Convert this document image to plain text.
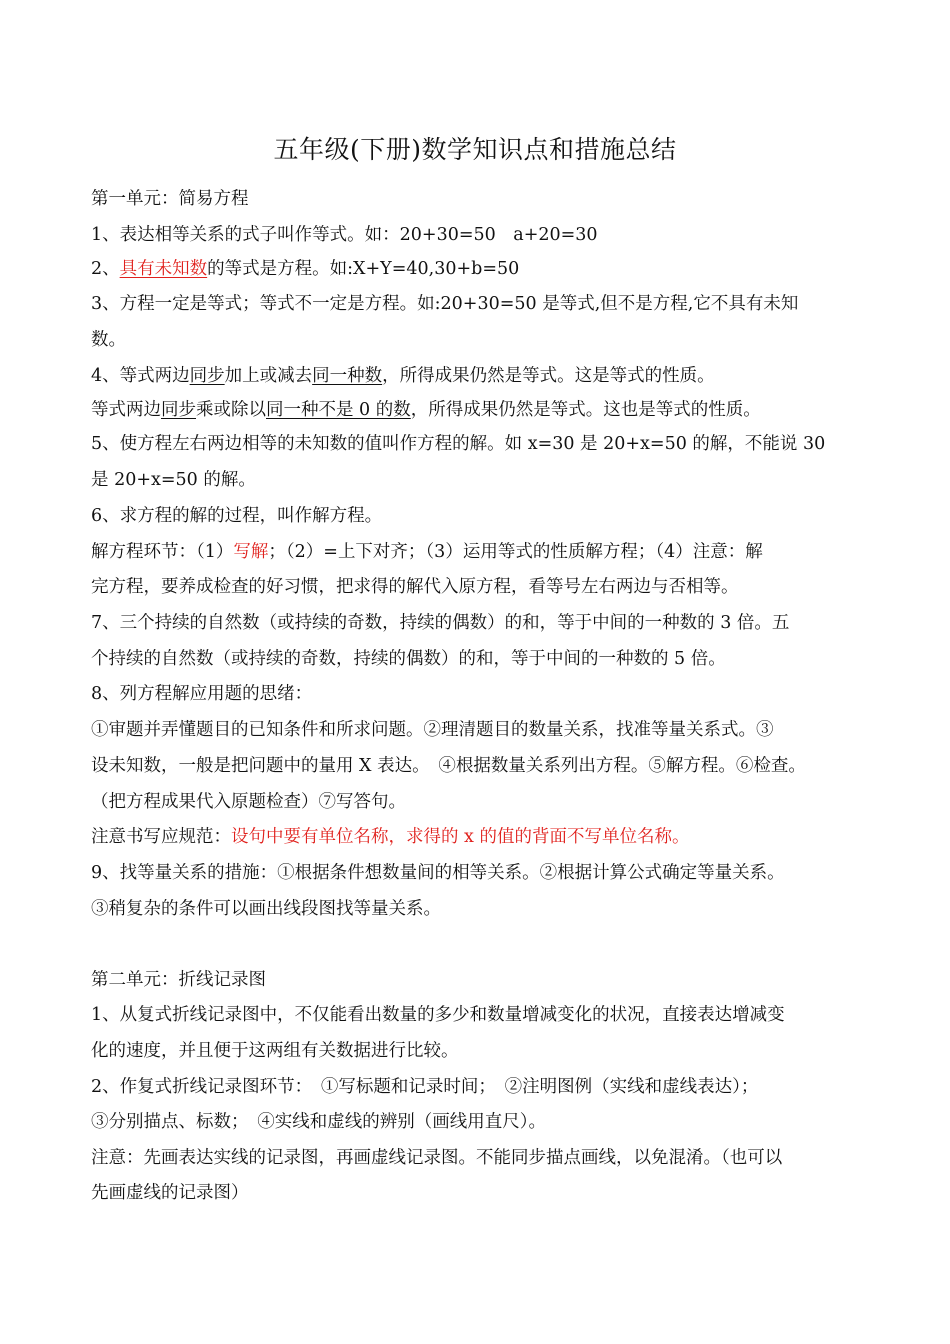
五年级(下册)数学知识点和措施总结
第一单元：简易方程
1、表达相等关系的式子叫作等式。如：20+30=50　a+20=30
2、具有未知数的等式是方程。如:X+Y=40,30+b=50
3、方程一定是等式；等式不一定是方程。如:20+30=50 是等式,但不是方程,它不具有未知
数。
4、等式两边同步加上或减去同一种数，所得成果仍然是等式。这是等式的性质。
等式两边同步乘或除以同一种不是 0 的数，所得成果仍然是等式。这也是等式的性质。
5、使方程左右两边相等的未知数的值叫作方程的解。如 x=30 是 20+x=50 的解，不能说 30
是 20+x=50 的解。
6、求方程的解的过程，叫作解方程。
解方程环节：（1）写解；（2）=上下对齐；（3）运用等式的性质解方程；（4）注意：解
完方程，要养成检查的好习惯，把求得的解代入原方程，看等号左右两边与否相等。
7、三个持续的自然数（或持续的奇数，持续的偶数）的和，等于中间的一种数的 3 倍。五
个持续的自然数（或持续的奇数，持续的偶数）的和，等于中间的一种数的 5 倍。
8、列方程解应用题的思绪：
①审题并弄懂题目的已知条件和所求问题。②理清题目的数量关系，找准等量关系式。③
设未知数，一般是把问题中的量用 X 表达。　④根据数量关系列出方程。⑤解方程。⑥检查。
（把方程成果代入原题检查）⑦写答句。
注意书写应规范：设句中要有单位名称，求得的 x 的值的背面不写单位名称。
9、找等量关系的措施：①根据条件想数量间的相等关系。②根据计算公式确定等量关系。
③稍复杂的条件可以画出线段图找等量关系。
第二单元：折线记录图
1、从复式折线记录图中，不仅能看出数量的多少和数量增减变化的状况，直接表达增减变
化的速度，并且便于这两组有关数据进行比较。
2、作复式折线记录图环节：　①写标题和记录时间；　②注明图例（实线和虚线表达）；
③分别描点、标数；　④实线和虚线的辨别（画线用直尺）。
注意：先画表达实线的记录图，再画虚线记录图。不能同步描点画线，以免混淆。（也可以
先画虚线的记录图）
